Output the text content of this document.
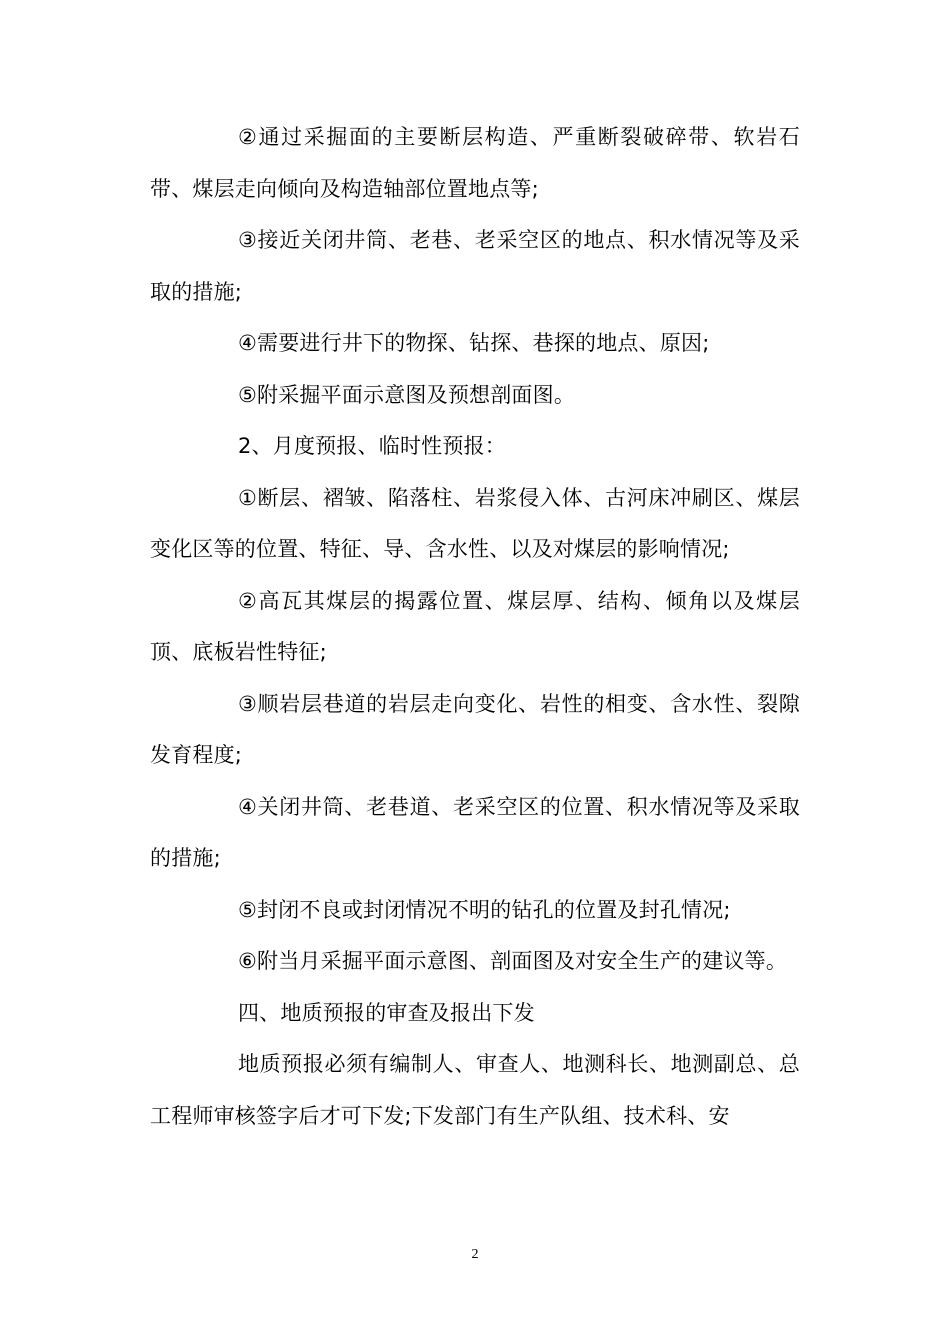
②通过采掘面的主要断层构造、严重断裂破碎带、软岩石带、煤层走向倾向及构造轴部位置地点等;

③接近关闭井筒、老巷、老采空区的地点、积水情况等及采取的措施;

④需要进行井下的物探、钻探、巷探的地点、原因;

⑤附采掘平面示意图及预想剖面图。

2、月度预报、临时性预报：

①断层、褶皱、陷落柱、岩浆侵入体、古河床冲刷区、煤层变化区等的位置、特征、导、含水性、以及对煤层的影响情况;

②高瓦其煤层的揭露位置、煤层厚、结构、倾角以及煤层顶、底板岩性特征;

③顺岩层巷道的岩层走向变化、岩性的相变、含水性、裂隙发育程度;

④关闭井筒、老巷道、老采空区的位置、积水情况等及采取的措施;

⑤封闭不良或封闭情况不明的钻孔的位置及封孔情况;

⑥附当月采掘平面示意图、剖面图及对安全生产的建议等。

四、地质预报的审查及报出下发

地质预报必须有编制人、审查人、地测科长、地测副总、总工程师审核签字后才可下发;下发部门有生产队组、技术科、安

2
